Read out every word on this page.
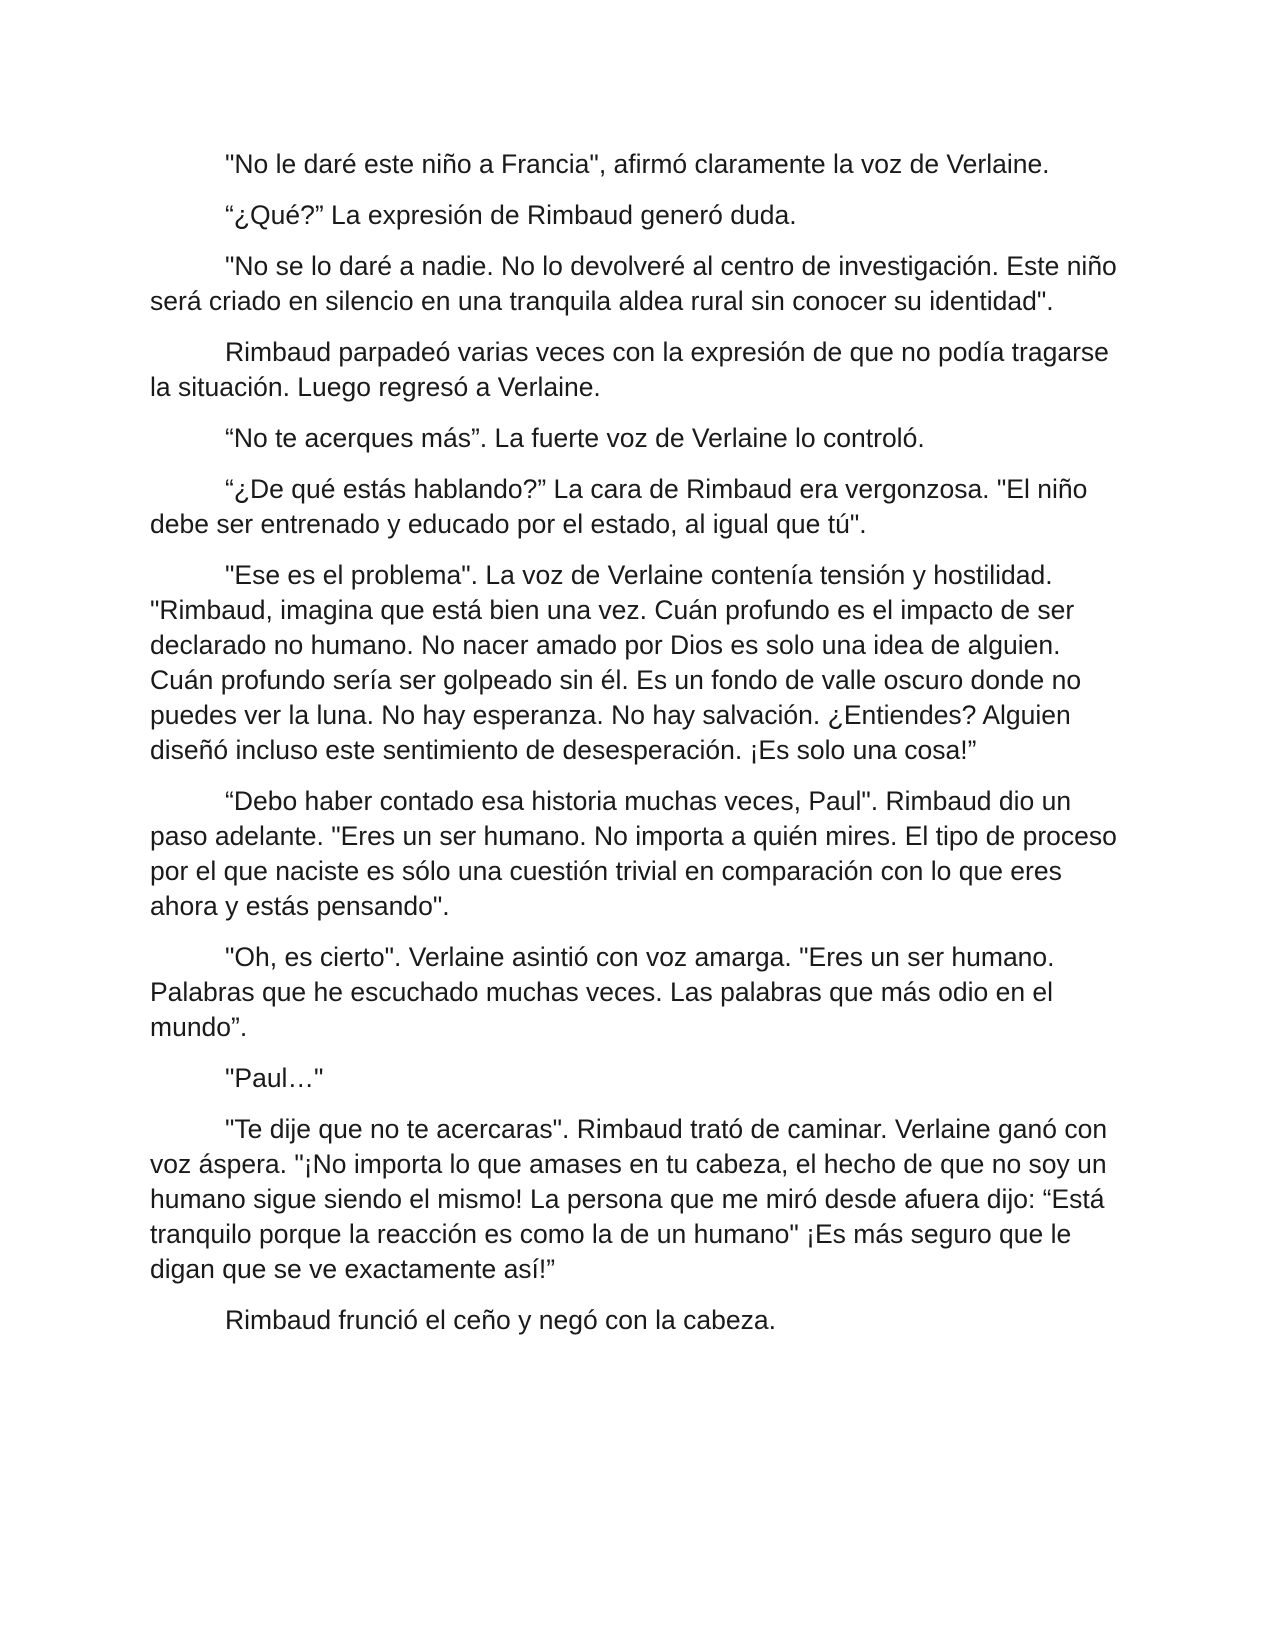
"No le daré este niño a Francia", afirmó claramente la voz de Verlaine.

“¿Qué?” La expresión de Rimbaud generó duda.

"No se lo daré a nadie. No lo devolveré al centro de investigación. Este niño será criado en silencio en una tranquila aldea rural sin conocer su identidad".

Rimbaud parpadeó varias veces con la expresión de que no podía tragarse la situación. Luego regresó a Verlaine.

“No te acerques más”. La fuerte voz de Verlaine lo controló.

“¿De qué estás hablando?” La cara de Rimbaud era vergonzosa. "El niño debe ser entrenado y educado por el estado, al igual que tú".

"Ese es el problema". La voz de Verlaine contenía tensión y hostilidad. "Rimbaud, imagina que está bien una vez. Cuán profundo es el impacto de ser declarado no humano. No nacer amado por Dios es solo una idea de alguien. Cuán profundo sería ser golpeado sin él. Es un fondo de valle oscuro donde no puedes ver la luna. No hay esperanza. No hay salvación. ¿Entiendes? Alguien diseñó incluso este sentimiento de desesperación. ¡Es solo una cosa!”

“Debo haber contado esa historia muchas veces, Paul". Rimbaud dio un paso adelante. "Eres un ser humano. No importa a quién mires. El tipo de proceso por el que naciste es sólo una cuestión trivial en comparación con lo que eres ahora y estás pensando".

"Oh, es cierto". Verlaine asintió con voz amarga. "Eres un ser humano. Palabras que he escuchado muchas veces. Las palabras que más odio en el mundo”.

"Paul…"

"Te dije que no te acercaras". Rimbaud trató de caminar. Verlaine ganó con voz áspera. "¡No importa lo que amases en tu cabeza, el hecho de que no soy un humano sigue siendo el mismo! La persona que me miró desde afuera dijo: “Está tranquilo porque la reacción es como la de un humano" ¡Es más seguro que le digan que se ve exactamente así!”

Rimbaud frunció el ceño y negó con la cabeza.
